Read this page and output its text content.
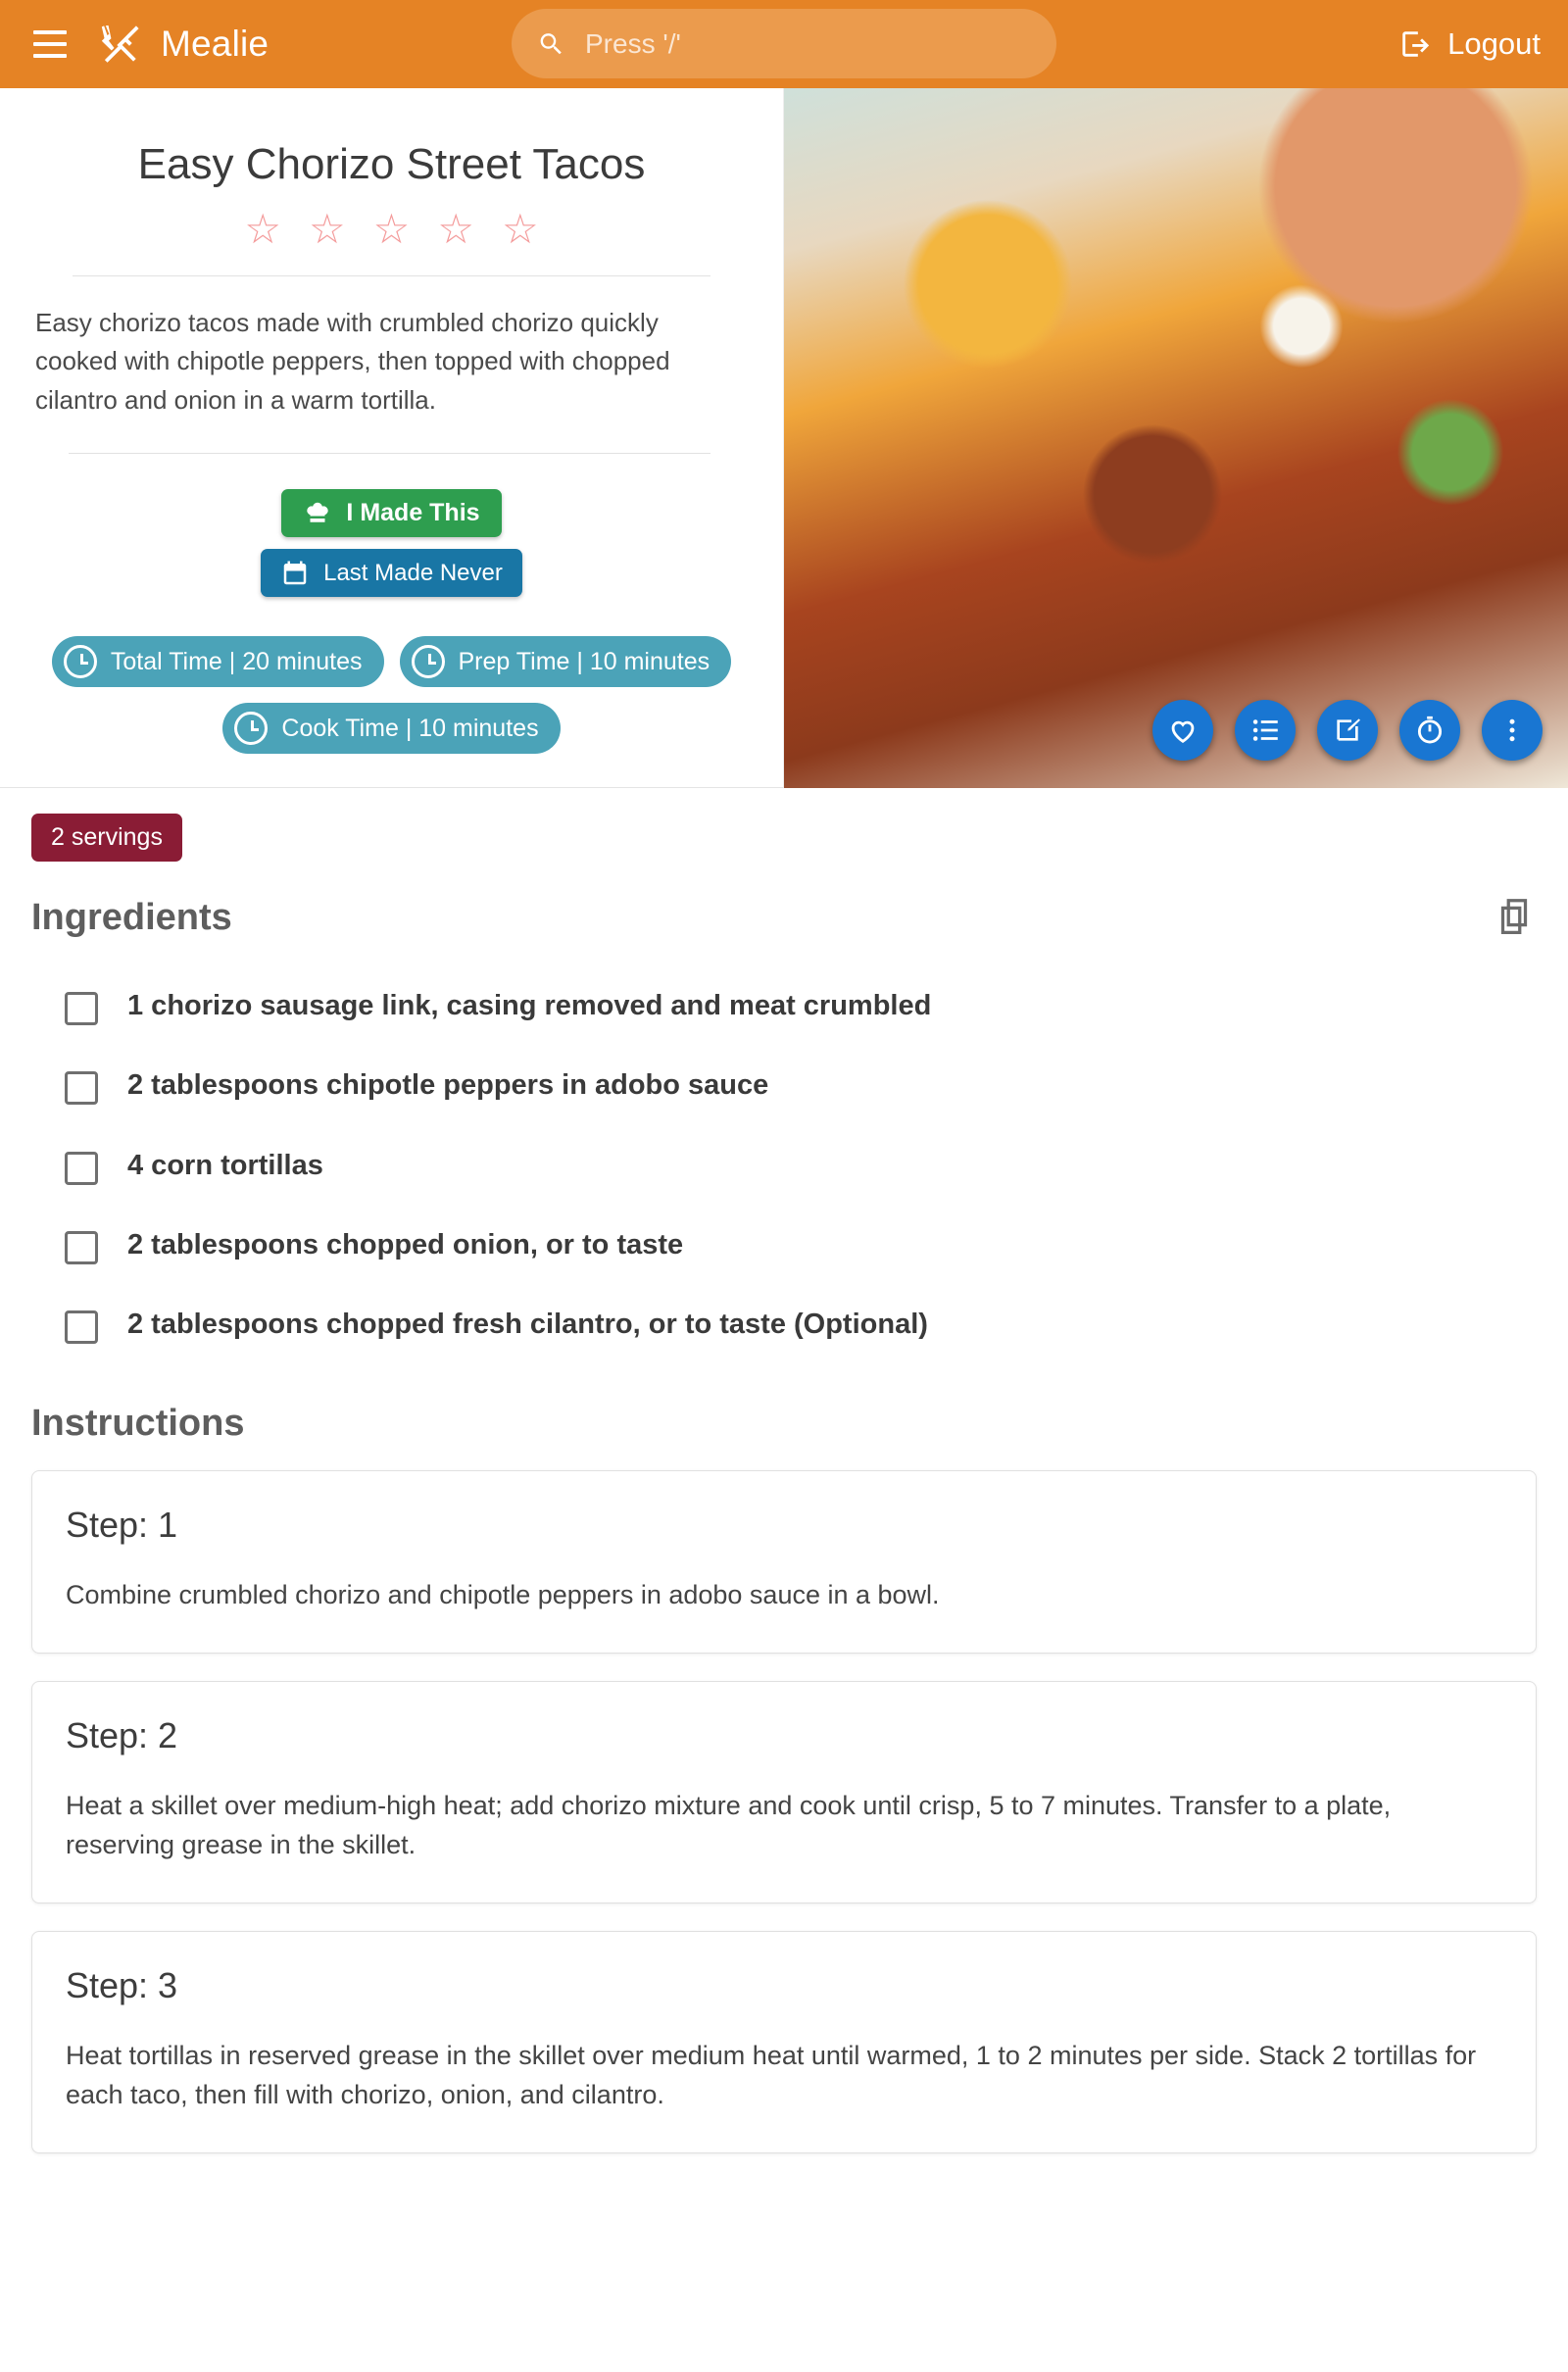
Mealie
Press '/'	Logout
Easy Chorizo Street Tacos
☆ ☆ ☆ ☆ ☆

Easy chorizo tacos made with crumbled chorizo quickly cooked with chipotle peppers, then topped with chopped cilantro and onion in a warm tortilla.

I Made This
Last Made Never
Total Time | 20 minutes	Prep Time | 10 minutes
Cook Time | 10 minutes
2 servings
Ingredients
1 chorizo sausage link, casing removed and meat crumbled
2 tablespoons chipotle peppers in adobo sauce
4 corn tortillas
2 tablespoons chopped onion, or to taste
2 tablespoons chopped fresh cilantro, or to taste (Optional)
Instructions
Step: 1
Combine crumbled chorizo and chipotle peppers in adobo sauce in a bowl.
Step: 2
Heat a skillet over medium-high heat; add chorizo mixture and cook until crisp, 5 to 7 minutes. Transfer to a plate, reserving grease in the skillet.
Step: 3
Heat tortillas in reserved grease in the skillet over medium heat until warmed, 1 to 2 minutes per side. Stack 2 tortillas for each taco, then fill with chorizo, onion, and cilantro.
